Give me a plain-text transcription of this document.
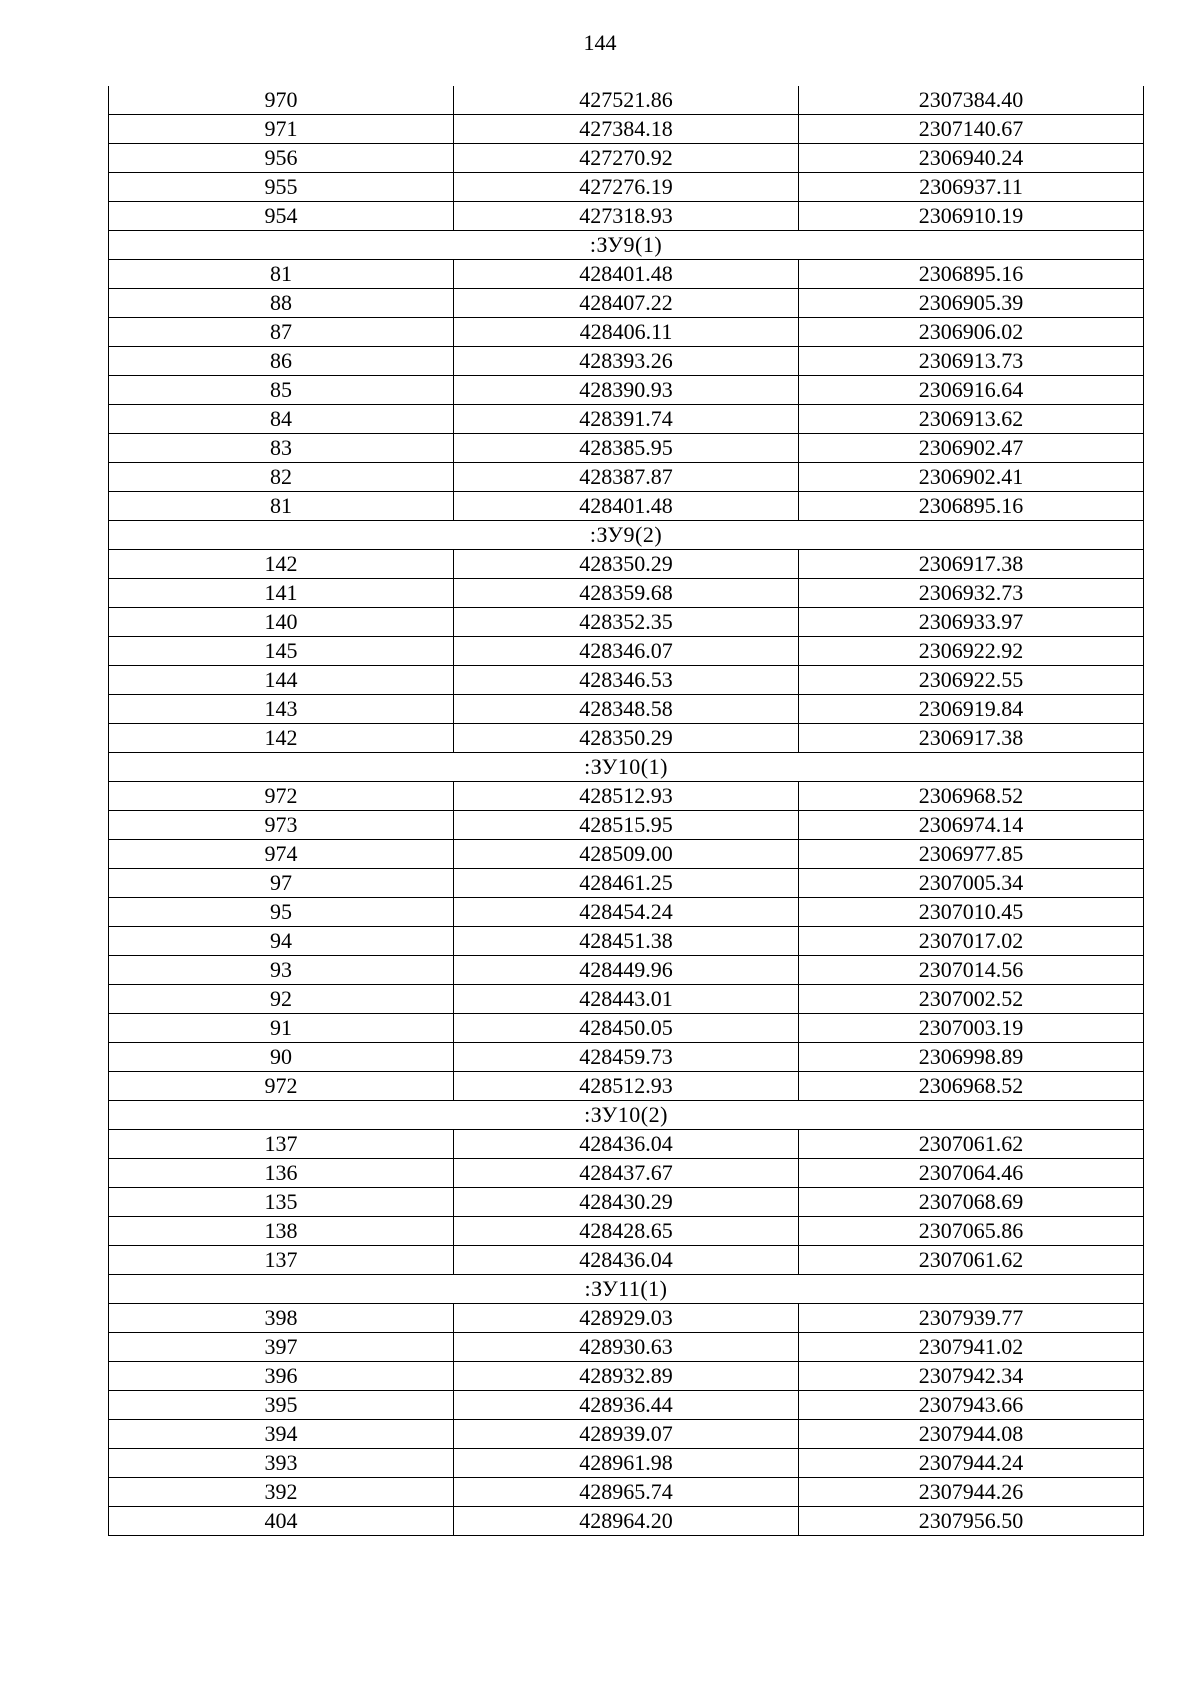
144
970	427521.86	2307384.40
971	427384.18	2307140.67
956	427270.92	2306940.24
955	427276.19	2306937.11
954	427318.93	2306910.19
:ЗУ9(1)		
81	428401.48	2306895.16
88	428407.22	2306905.39
87	428406.11	2306906.02
86	428393.26	2306913.73
85	428390.93	2306916.64
84	428391.74	2306913.62
83	428385.95	2306902.47
82	428387.87	2306902.41
81	428401.48	2306895.16
:ЗУ9(2)		
142	428350.29	2306917.38
141	428359.68	2306932.73
140	428352.35	2306933.97
145	428346.07	2306922.92
144	428346.53	2306922.55
143	428348.58	2306919.84
142	428350.29	2306917.38
:ЗУ10(1)		
972	428512.93	2306968.52
973	428515.95	2306974.14
974	428509.00	2306977.85
97	428461.25	2307005.34
95	428454.24	2307010.45
94	428451.38	2307017.02
93	428449.96	2307014.56
92	428443.01	2307002.52
91	428450.05	2307003.19
90	428459.73	2306998.89
972	428512.93	2306968.52
:ЗУ10(2)		
137	428436.04	2307061.62
136	428437.67	2307064.46
135	428430.29	2307068.69
138	428428.65	2307065.86
137	428436.04	2307061.62
:ЗУ11(1)		
398	428929.03	2307939.77
397	428930.63	2307941.02
396	428932.89	2307942.34
395	428936.44	2307943.66
394	428939.07	2307944.08
393	428961.98	2307944.24
392	428965.74	2307944.26
404	428964.20	2307956.50
